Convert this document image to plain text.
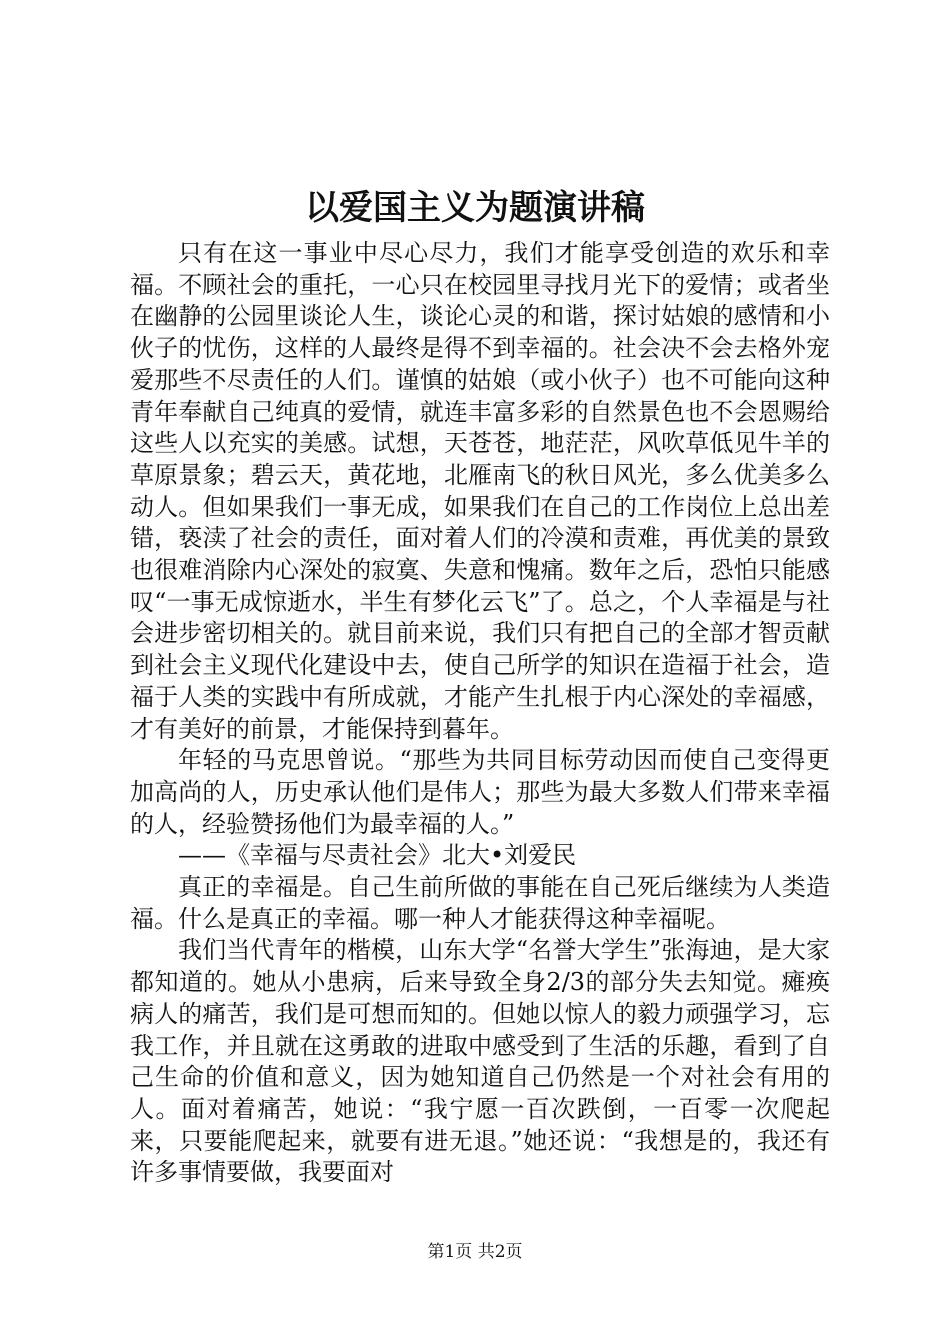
以爱国主义为题演讲稿

只有在这一事业中尽心尽力，我们才能享受创造的欢乐和幸福。不顾社会的重托，一心只在校园里寻找月光下的爱情；或者坐在幽静的公园里谈论人生，谈论心灵的和谐，探讨姑娘的感情和小伙子的忧伤，这样的人最终是得不到幸福的。社会决不会去格外宠爱那些不尽责任的人们。谨慎的姑娘（或小伙子）也不可能向这种青年奉献自己纯真的爱情，就连丰富多彩的自然景色也不会恩赐给这些人以充实的美感。试想，天苍苍，地茫茫，风吹草低见牛羊的草原景象；碧云天，黄花地，北雁南飞的秋日风光，多么优美多么动人。但如果我们一事无成，如果我们在自己的工作岗位上总出差错，亵渎了社会的责任，面对着人们的冷漠和责难，再优美的景致也很难消除内心深处的寂寞、失意和愧痛。数年之后，恐怕只能感叹“一事无成惊逝水，半生有梦化云飞”了。总之，个人幸福是与社会进步密切相关的。就目前来说，我们只有把自己的全部才智贡献到社会主义现代化建设中去，使自己所学的知识在造福于社会，造福于人类的实践中有所成就，才能产生扎根于内心深处的幸福感，才有美好的前景，才能保持到暮年。

年轻的马克思曾说。“那些为共同目标劳动因而使自己变得更加高尚的人，历史承认他们是伟人；那些为最大多数人们带来幸福的人，经验赞扬他们为最幸福的人。”

——《幸福与尽责社会》北大•刘爱民

真正的幸福是。自己生前所做的事能在自己死后继续为人类造福。什么是真正的幸福。哪一种人才能获得这种幸福呢。

我们当代青年的楷模，山东大学“名誉大学生”张海迪，是大家都知道的。她从小患病，后来导致全身2/3的部分失去知觉。瘫痪病人的痛苦，我们是可想而知的。但她以惊人的毅力顽强学习，忘我工作，并且就在这勇敢的进取中感受到了生活的乐趣，看到了自己生命的价值和意义，因为她知道自己仍然是一个对社会有用的人。面对着痛苦，她说：“我宁愿一百次跌倒，一百零一次爬起来，只要能爬起来，就要有进无退。”她还说：“我想是的，我还有许多事情要做，我要面对

第1页 共2页
